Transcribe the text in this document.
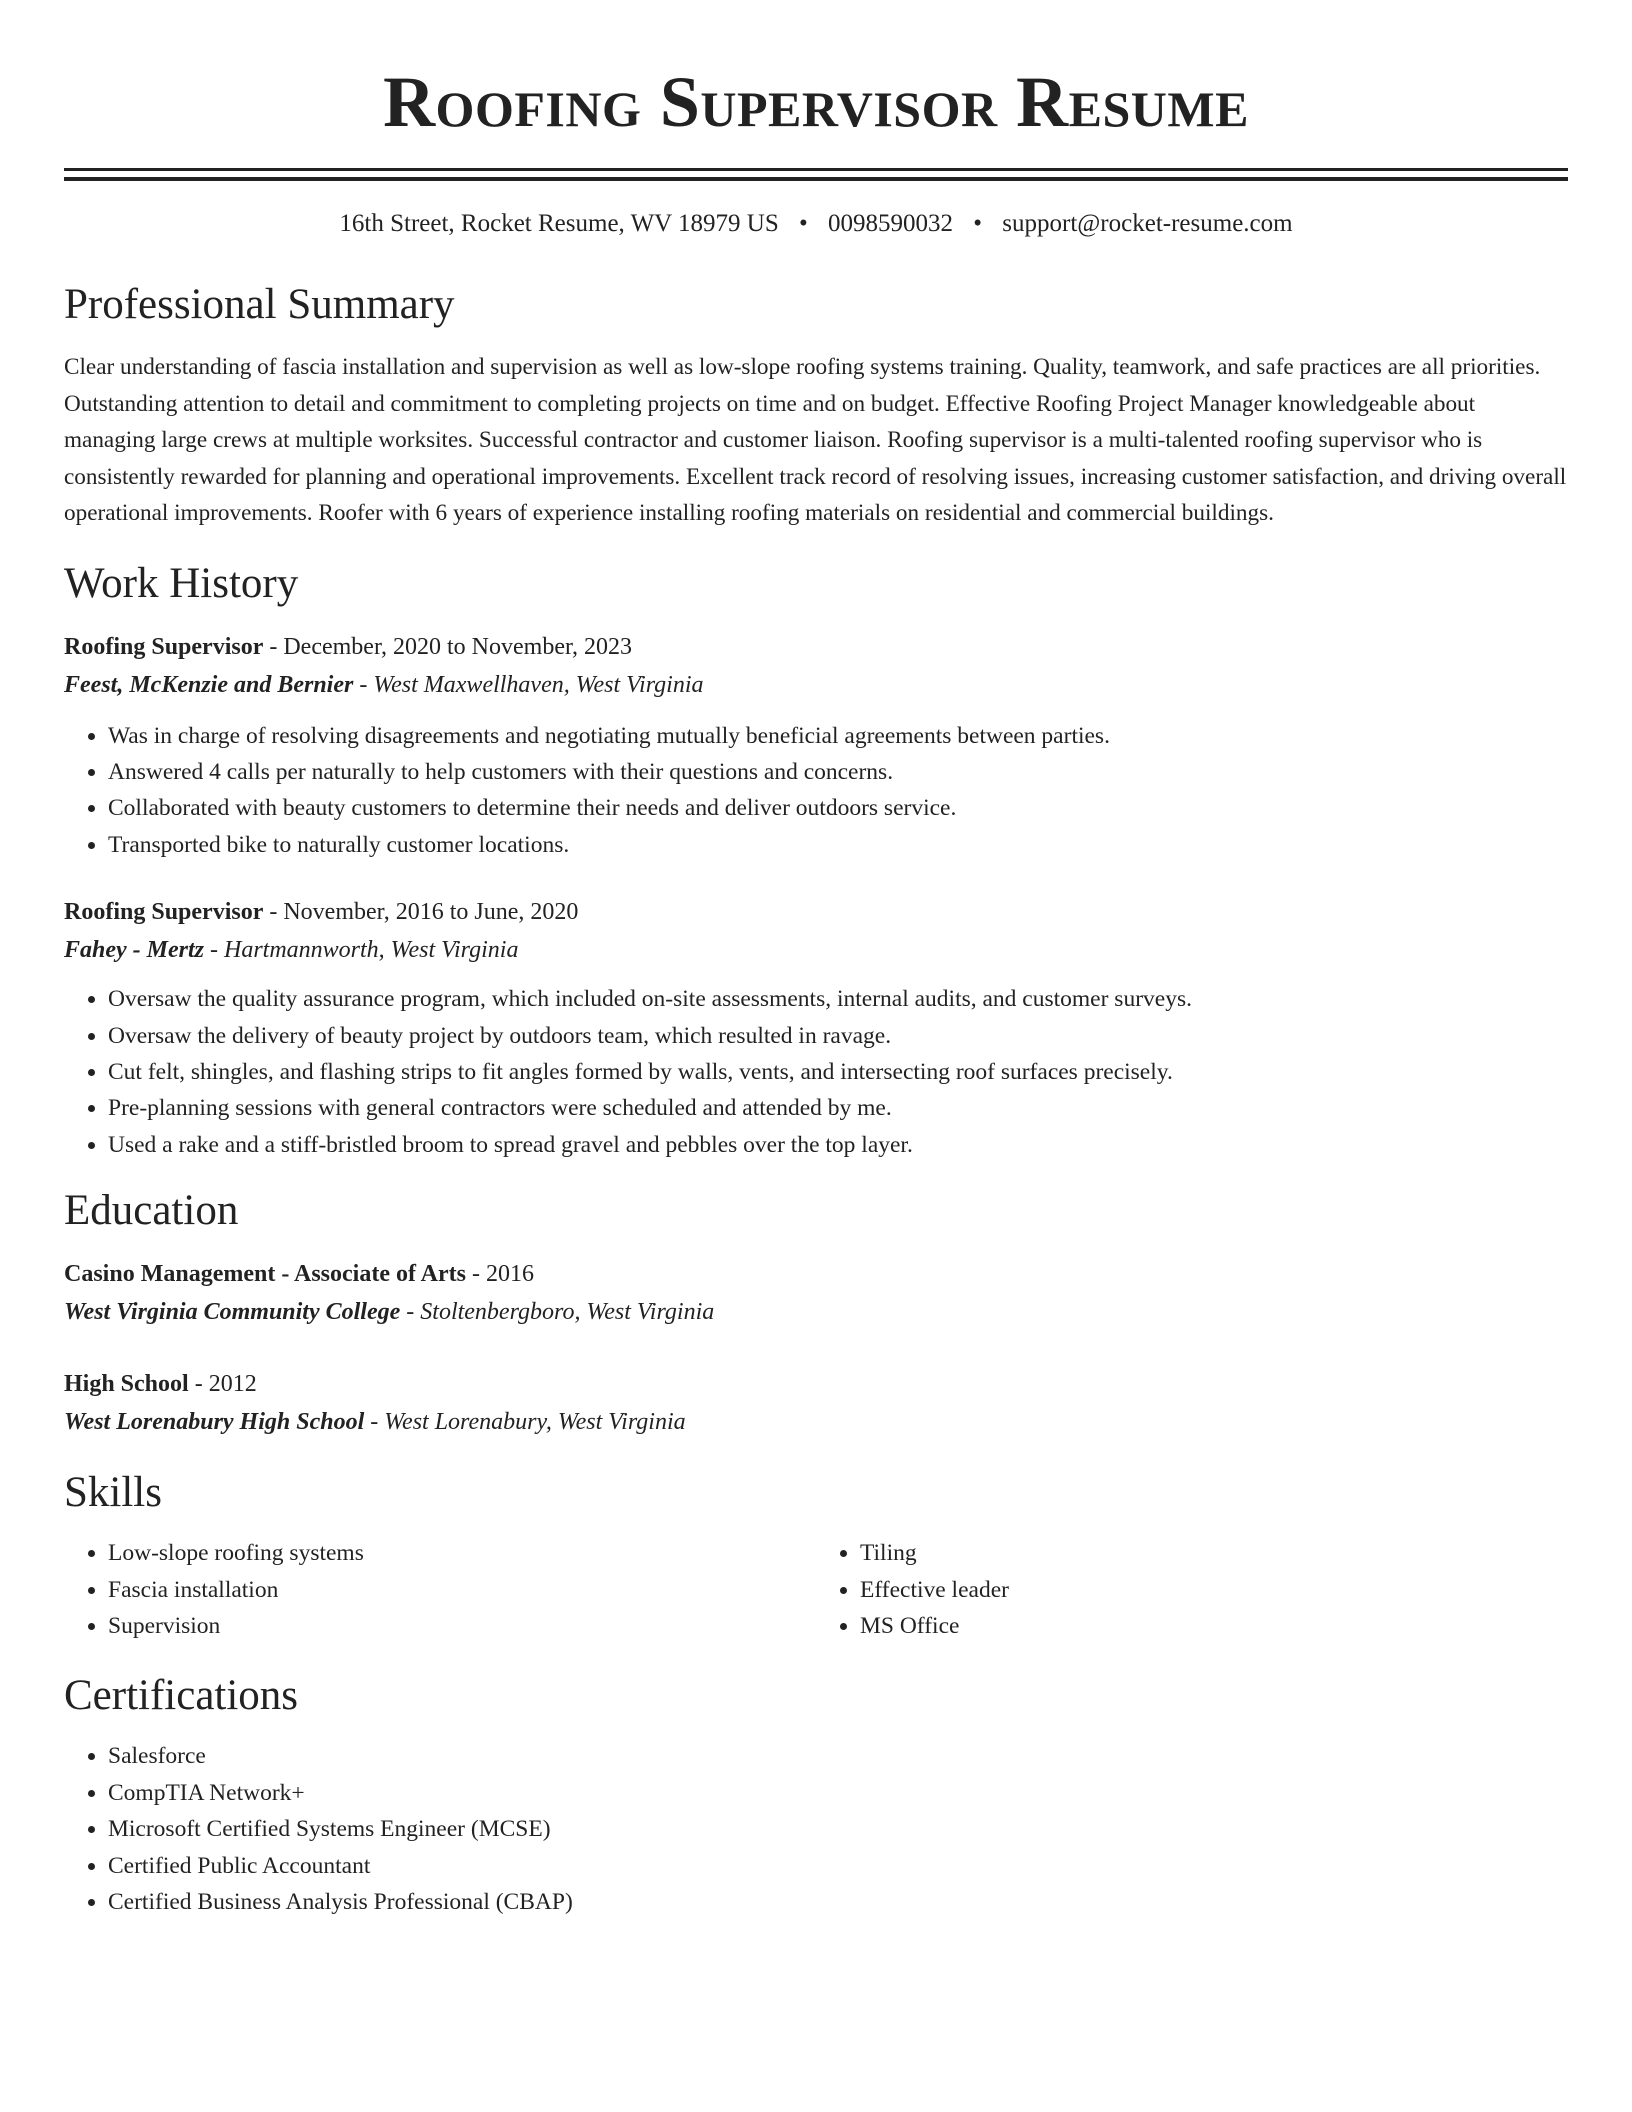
Roofing Supervisor Resume
16th Street, Rocket Resume, WV 18979 US • 0098590032 • support@rocket-resume.com
Professional Summary

Clear understanding of fascia installation and supervision as well as low-slope roofing systems training. Quality, teamwork, and safe practices are all priorities. Outstanding attention to detail and commitment to completing projects on time and on budget. Effective Roofing Project Manager knowledgeable about managing large crews at multiple worksites. Successful contractor and customer liaison. Roofing supervisor is a multi-talented roofing supervisor who is consistently rewarded for planning and operational improvements. Excellent track record of resolving issues, increasing customer satisfaction, and driving overall operational improvements. Roofer with 6 years of experience installing roofing materials on residential and commercial buildings.

Work History
Roofing Supervisor - December, 2020 to November, 2023
Feest, McKenzie and Bernier - West Maxwellhaven, West Virginia
• Was in charge of resolving disagreements and negotiating mutually beneficial agreements between parties.
• Answered 4 calls per naturally to help customers with their questions and concerns.
• Collaborated with beauty customers to determine their needs and deliver outdoors service.
• Transported bike to naturally customer locations.
Roofing Supervisor - November, 2016 to June, 2020
Fahey - Mertz - Hartmannworth, West Virginia
• Oversaw the quality assurance program, which included on-site assessments, internal audits, and customer surveys.
• Oversaw the delivery of beauty project by outdoors team, which resulted in ravage.
• Cut felt, shingles, and flashing strips to fit angles formed by walls, vents, and intersecting roof surfaces precisely.
• Pre-planning sessions with general contractors were scheduled and attended by me.
• Used a rake and a stiff-bristled broom to spread gravel and pebbles over the top layer.
Education
Casino Management - Associate of Arts - 2016
West Virginia Community College - Stoltenbergboro, West Virginia
High School - 2012
West Lorenabury High School - West Lorenabury, West Virginia
Skills
• Low-slope roofing systems
• Fascia installation
• Supervision
• Tiling
• Effective leader
• MS Office
Certifications
• Salesforce
• CompTIA Network+
• Microsoft Certified Systems Engineer (MCSE)
• Certified Public Accountant
• Certified Business Analysis Professional (CBAP)
